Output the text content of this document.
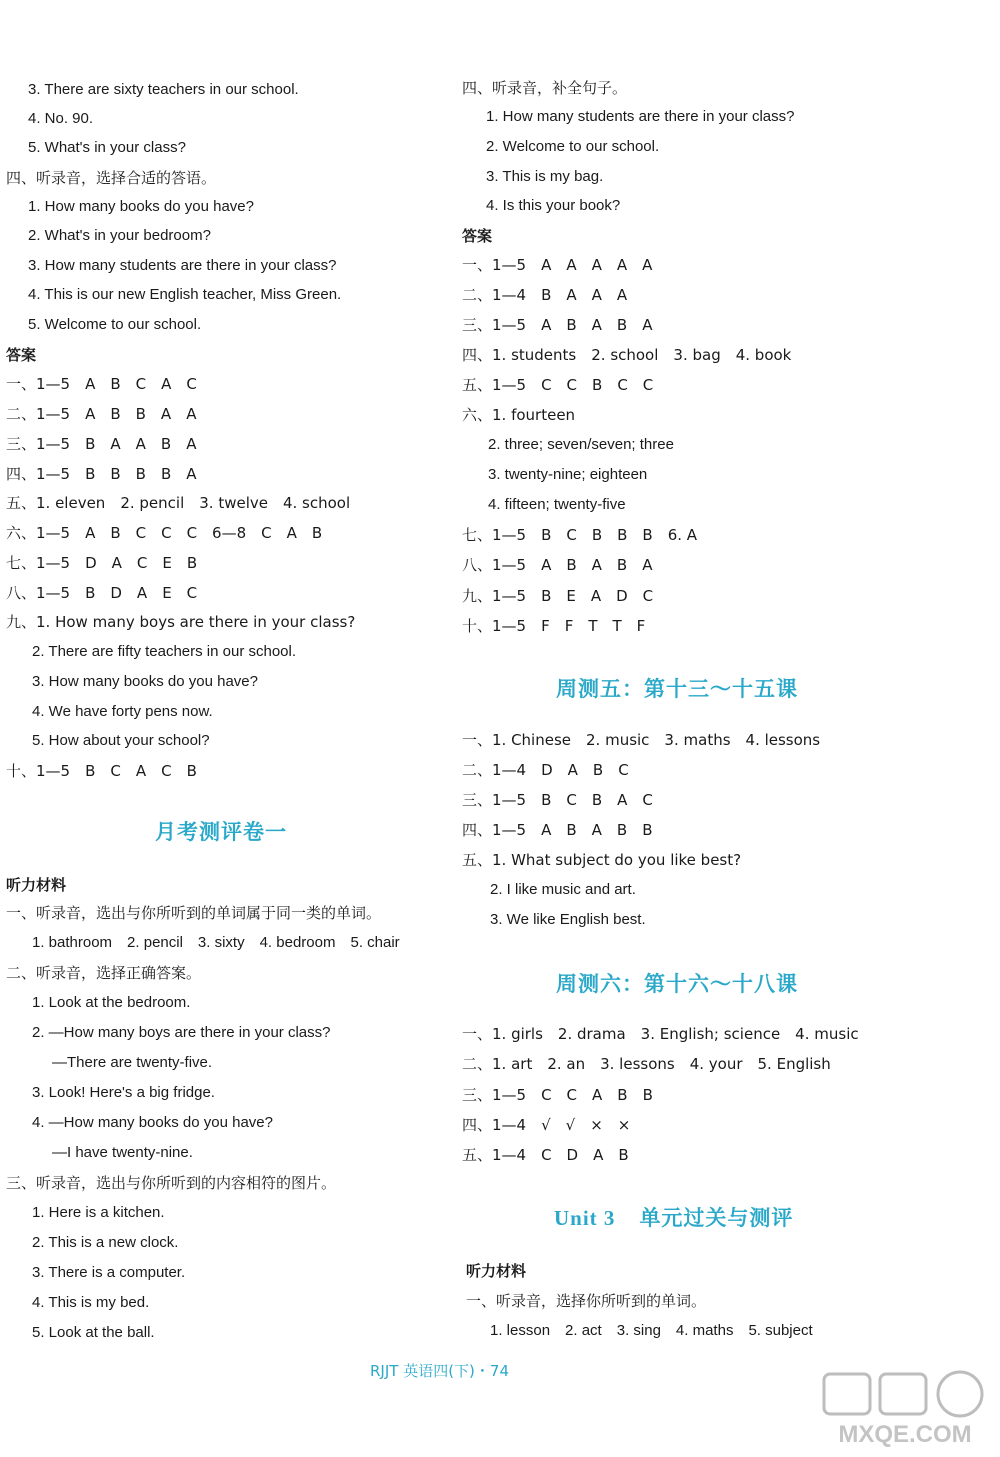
3. There are sixty teachers in our school.
4. No. 90.
5. What's in your class?
四、听录音，选择合适的答语。
1. How many books do you have?
2. What's in your bedroom?
3. How many students are there in your class?
4. This is our new English teacher, Miss Green.
5. Welcome to our school.
答案
一、1—5　A　B　C　A　C
二、1—5　A　B　B　A　A
三、1—5　B　A　A　B　A
四、1—5　B　B　B　B　A
五、1. eleven　2. pencil　3. twelve　4. school
六、1—5　A　B　C　C　C　6—8　C　A　B
七、1—5　D　A　C　E　B
八、1—5　B　D　A　E　C
九、1. How many boys are there in your class?
2. There are fifty teachers in our school.
3. How many books do you have?
4. We have forty pens now.
5. How about your school?
十、1—5　B　C　A　C　B
月考测评卷一
听力材料
一、听录音，选出与你所听到的单词属于同一类的单词。
1. bathroom　2. pencil　3. sixty　4. bedroom　5. chair
二、听录音，选择正确答案。
1. Look at the bedroom.
2. —How many boys are there in your class?
—There are twenty-five.
3. Look! Here's a big fridge.
4. —How many books do you have?
—I have twenty-nine.
三、听录音，选出与你所听到的内容相符的图片。
1. Here is a kitchen.
2. This is a new clock.
3. There is a computer.
4. This is my bed.
5. Look at the ball.
四、听录音，补全句子。
1. How many students are there in your class?
2. Welcome to our school.
3. This is my bag.
4. Is this your book?
答案
一、1—5　A　A　A　A　A
二、1—4　B　A　A　A
三、1—5　A　B　A　B　A
四、1. students　2. school　3. bag　4. book
五、1—5　C　C　B　C　C
六、1. fourteen
2. three; seven/seven; three
3. twenty-nine; eighteen
4. fifteen; twenty-five
七、1—5　B　C　B　B　B　6. A
八、1—5　A　B　A　B　A
九、1—5　B　E　A　D　C
十、1—5　F　F　T　T　F
周测五：第十三～十五课
一、1. Chinese　2. music　3. maths　4. lessons
二、1—4　D　A　B　C
三、1—5　B　C　B　A　C
四、1—5　A　B　A　B　B
五、1. What subject do you like best?
2. I like music and art.
3. We like English best.
周测六：第十六～十八课
一、1. girls　2. drama　3. English; science　4. music
二、1. art　2. an　3. lessons　4. your　5. English
三、1—5　C　C　A　B　B
四、1—4　√　√　×　×
五、1—4　C　D　A　B
Unit 3 单元过关与测评
听力材料
一、听录音，选择你所听到的单词。
1. lesson　2. act　3. sing　4. maths　5. subject
RJJT 英语四(下)・74
MXQE.COM
